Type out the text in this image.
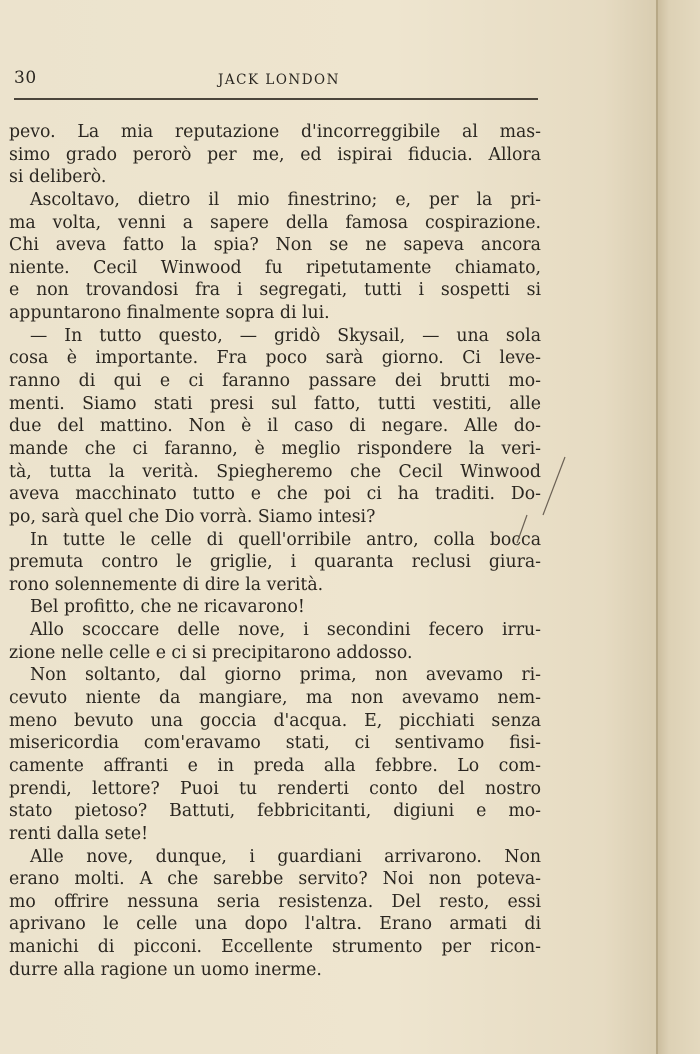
30	JACK LONDON
pevo. La mia reputazione d'incorreggibile al mas-
simo grado perorò per me, ed ispirai fiducia. Allora
si deliberò.
Ascoltavo, dietro il mio finestrino; e, per la pri-
ma volta, venni a sapere della famosa cospirazione.
Chi aveva fatto la spia? Non se ne sapeva ancora
niente. Cecil Winwood fu ripetutamente chiamato,
e non trovandosi fra i segregati, tutti i sospetti si
appuntarono finalmente sopra di lui.
— In tutto questo, — gridò Skysail, — una sola
cosa è importante. Fra poco sarà giorno. Ci leve-
ranno di qui e ci faranno passare dei brutti mo-
menti. Siamo stati presi sul fatto, tutti vestiti, alle
due del mattino. Non è il caso di negare. Alle do-
mande che ci faranno, è meglio rispondere la veri-
tà, tutta la verità. Spiegheremo che Cecil Winwood
aveva macchinato tutto e che poi ci ha traditi. Do-
po, sarà quel che Dio vorrà. Siamo intesi?
In tutte le celle di quell'orribile antro, colla bocca
premuta contro le griglie, i quaranta reclusi giura-
rono solennemente di dire la verità.
Bel profitto, che ne ricavarono!
Allo scoccare delle nove, i secondini fecero irru-
zione nelle celle e ci si precipitarono addosso.
Non soltanto, dal giorno prima, non avevamo ri-
cevuto niente da mangiare, ma non avevamo nem-
meno bevuto una goccia d'acqua. E, picchiati senza
misericordia com'eravamo stati, ci sentivamo fisi-
camente affranti e in preda alla febbre. Lo com-
prendi, lettore? Puoi tu renderti conto del nostro
stato pietoso? Battuti, febbricitanti, digiuni e mo-
renti dalla sete!
Alle nove, dunque, i guardiani arrivarono. Non
erano molti. A che sarebbe servito? Noi non poteva-
mo offrire nessuna seria resistenza. Del resto, essi
aprivano le celle una dopo l'altra. Erano armati di
manichi di picconi. Eccellente strumento per ricon-
durre alla ragione un uomo inerme.
